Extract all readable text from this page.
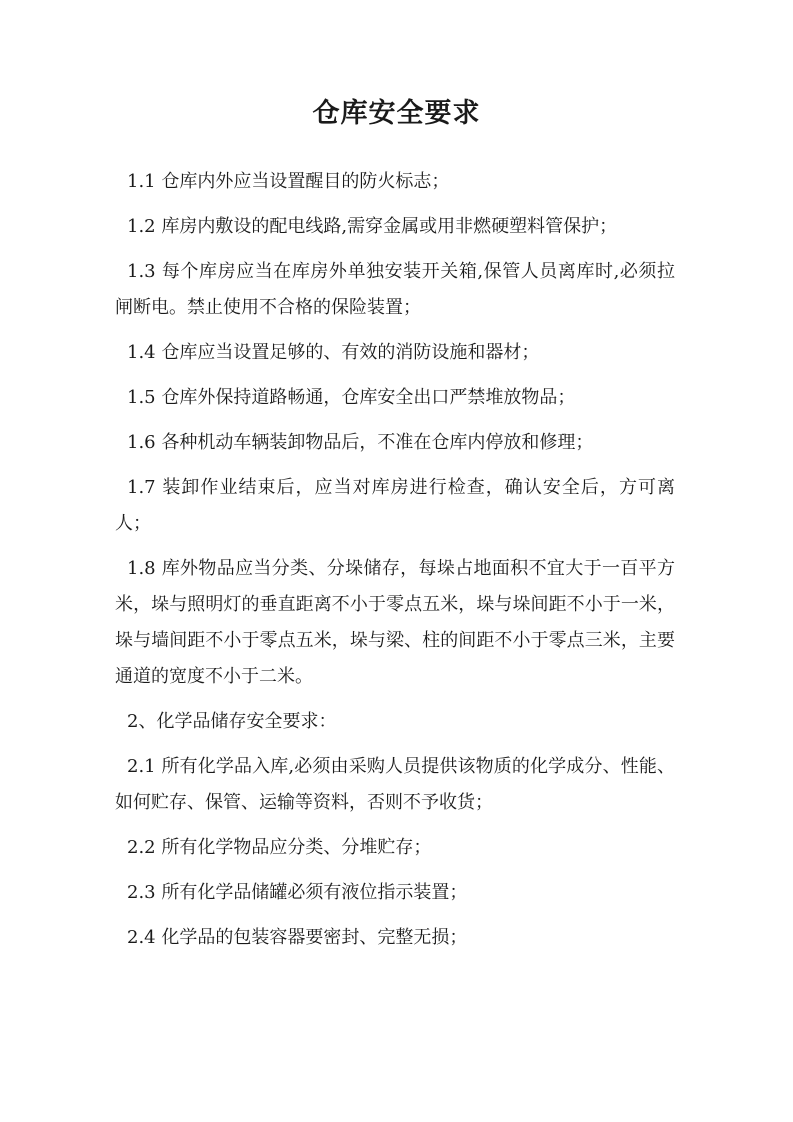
仓库安全要求

1.1 仓库内外应当设置醒目的防火标志；

1.2 库房内敷设的配电线路,需穿金属或用非燃硬塑料管保护；

1.3 每个库房应当在库房外单独安装开关箱,保管人员离库时,必须拉闸断电。禁止使用不合格的保险装置；

1.4 仓库应当设置足够的、有效的消防设施和器材；

1.5 仓库外保持道路畅通，仓库安全出口严禁堆放物品；

1.6 各种机动车辆装卸物品后，不准在仓库内停放和修理；

1.7 装卸作业结束后，应当对库房进行检查，确认安全后，方可离人；

1.8 库外物品应当分类、分垛储存，每垛占地面积不宜大于一百平方米，垛与照明灯的垂直距离不小于零点五米，垛与垛间距不小于一米，垛与墙间距不小于零点五米，垛与梁、柱的间距不小于零点三米，主要通道的宽度不小于二米。

2、化学品储存安全要求：

2.1 所有化学品入库,必须由采购人员提供该物质的化学成分、性能、如何贮存、保管、运输等资料，否则不予收货；

2.2 所有化学物品应分类、分堆贮存；

2.3 所有化学品储罐必须有液位指示装置；

2.4 化学品的包装容器要密封、完整无损；
